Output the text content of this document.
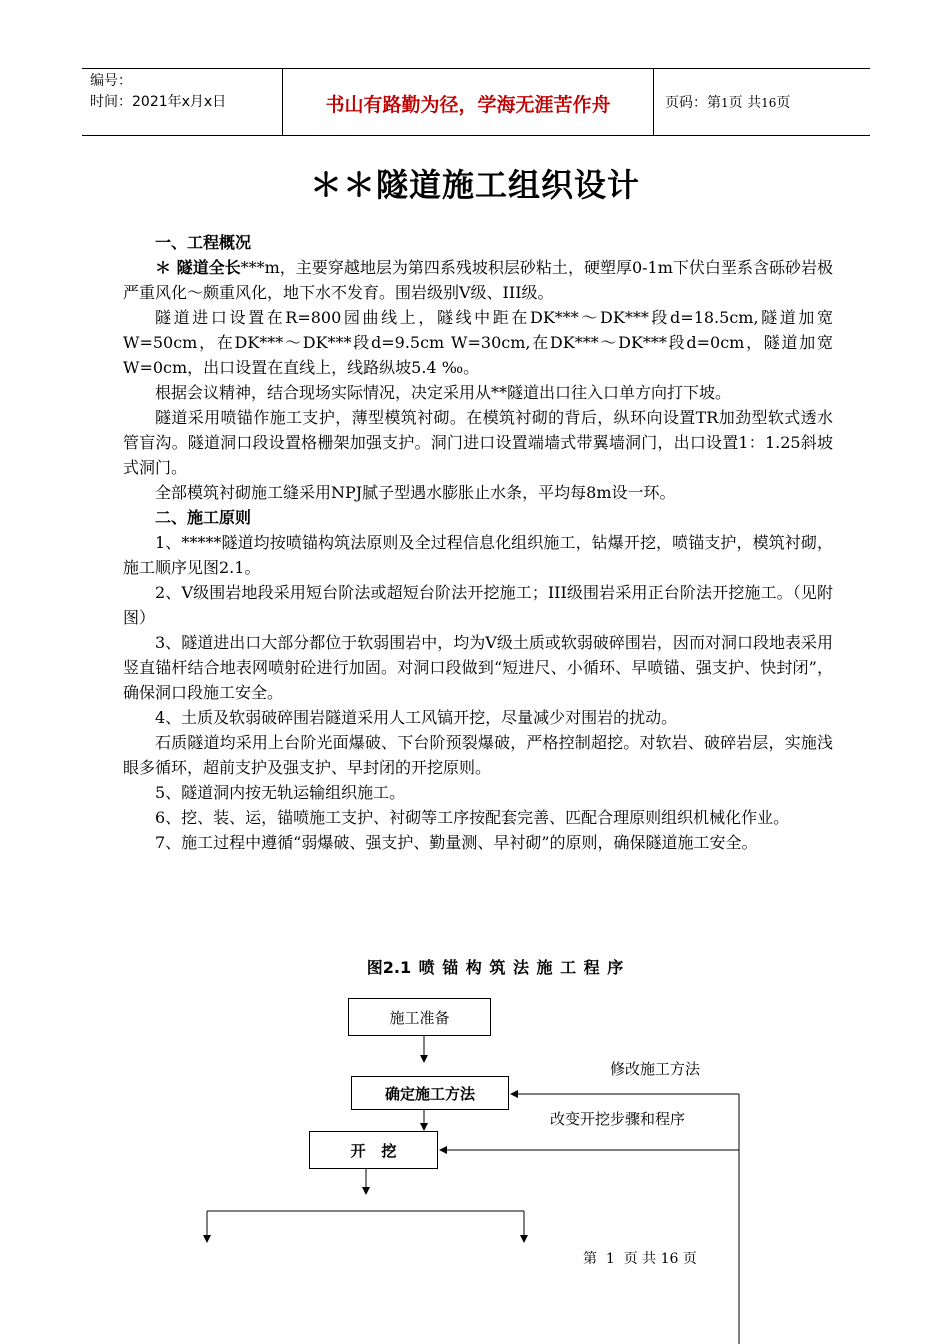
编号：
时间：2021年x月x日	书山有路勤为径，学海无涯苦作舟	页码：第1页 共16页
＊＊隧道施工组织设计
一、工程概况

＊ 隧道全长***m，主要穿越地层为第四系残坡积层砂粘土，硬塑厚0-1m下伏白垩系含砾砂岩极严重风化～颇重风化，地下水不发育。围岩级别Ⅴ级、III级。

隧道进口设置在R=800园曲线上，隧线中距在DK***～DK***段d=18.5cm,隧道加宽W=50cm，在DK***～DK***段d=9.5cm W=30cm,在DK***～DK***段d=0cm，隧道加宽W=0cm，出口设置在直线上，线路纵坡5.4 ‰。

根据会议精神，结合现场实际情况，决定采用从**隧道出口往入口单方向打下坡。

隧道采用喷锚作施工支护，薄型模筑衬砌。在模筑衬砌的背后，纵环向设置TR加劲型软式透水管盲沟。隧道洞口段设置格栅架加强支护。洞门进口设置端墙式带翼墙洞门，出口设置1：1.25斜坡式洞门。

全部模筑衬砌施工缝采用NPJ腻子型遇水膨胀止水条，平均每8m设一环。

二、施工原则

1、*****隧道均按喷锚构筑法原则及全过程信息化组织施工，钻爆开挖，喷锚支护，模筑衬砌，施工顺序见图2.1。

2、Ⅴ级围岩地段采用短台阶法或超短台阶法开挖施工；III级围岩采用正台阶法开挖施工。（见附图）

3、隧道进出口大部分都位于软弱围岩中，均为Ⅴ级土质或软弱破碎围岩，因而对洞口段地表采用竖直锚杆结合地表网喷射砼进行加固。对洞口段做到“短进尺、小循环、早喷锚、强支护、快封闭”，确保洞口段施工安全。

4、土质及软弱破碎围岩隧道采用人工风镐开挖，尽量减少对围岩的扰动。

石质隧道均采用上台阶光面爆破、下台阶预裂爆破，严格控制超挖。对软岩、破碎岩层，实施浅眼多循环，超前支护及强支护、早封闭的开挖原则。

5、隧道洞内按无轨运输组织施工。

6、挖、装、运，锚喷施工支护、衬砌等工序按配套完善、匹配合理原则组织机械化作业。

7、施工过程中遵循“弱爆破、强支护、勤量测、早衬砌”的原则，确保隧道施工安全。

图2.1 喷 锚 构 筑 法 施 工 程 序
施工准备
确定施工方法
开   挖
修改施工方法
改变开挖步骤和程序
第  1  页 共 16 页
